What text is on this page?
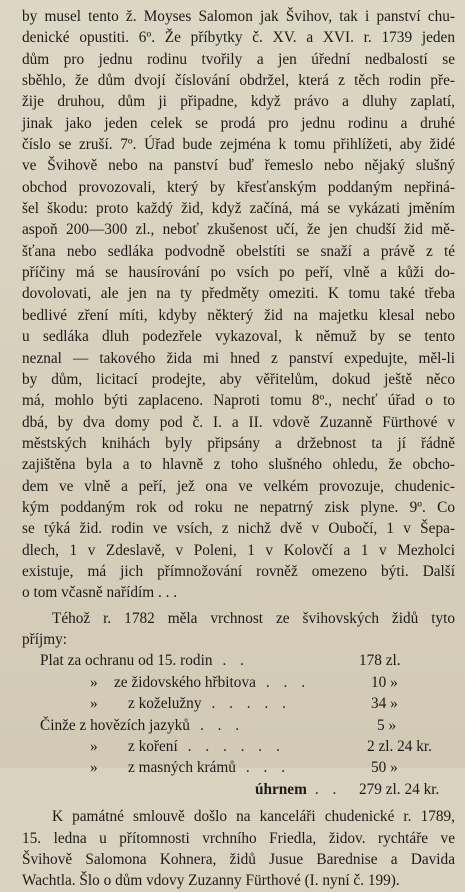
by musel tento ž. Moyses Salomon jak Švihov, tak i panství chu-

denické opustiti. 6º. Že příbytky č. XV. a XVI. r. 1739 jeden

dům pro jednu rodinu tvořily a jen úřední nedbalostí se

sběhlo, že dům dvojí číslování obdržel, která z těch rodin pře-

žije druhou, dům ji připadne, když právo a dluhy zaplatí,

jinak jako jeden celek se prodá pro jednu rodinu a druhé

číslo se zruší. 7º. Úřad bude zejména k tomu přihlížeti, aby židé

ve Švihově nebo na panství buď řemeslo nebo nějaký slušný

obchod provozovali, který by křesťanským poddaným nepřiná-

šel škodu: proto každý žid, když začíná, má se vykázati jměním

aspoň 200—300 zl., neboť zkušenost učí, že jen chudší žid mě-

šťana nebo sedláka podvodně obelstíti se snaží a právě z té

příčiny má se hausírování po vsích po peří, vlně a kůži do-

dovolovati, ale jen na ty předměty omeziti. K tomu také třeba

bedlivé zření míti, kdyby některý žid na majetku klesal nebo

u sedláka dluh podezřele vykazoval, k němuž by se tento

neznal — takového žida mi hned z panství expedujte, měl-li

by dům, licitací prodejte, aby věřitelům, dokud ještě něco

má, mohlo býti zaplaceno. Naproti tomu 8º., nechť úřad o to

dbá, by dva domy pod č. I. a II. vdově Zuzanně Fürthové v

městských knihách byly připsány a držebnost ta jí řádně

zajištěna byla a to hlavně z toho slušného ohledu, že obcho-

dem ve vlně a peří, jež ona ve velkém provozuje, chudenic-

kým poddaným rok od roku ne nepatrný zisk plyne. 9º. Co

se týká žid. rodin ve vsích, z nichž dvě v Oubočí, 1 v Šepa-

dlech, 1 v Zdeslavě, v Poleni, 1 v Kolovčí a 1 v Mezholci

existuje, má jich přímnožování rovněž omezeno býti. Další

o tom včasně nařídím . . .

Téhož r. 1782 měla vrchnost ze švihovských židů tyto

příjmy:

Plat za ochranu od 15. rodin . .	178 zl.
»	ze židovského hřbitova . . .	10 »
»	z koželužny . . . . .	34 »
Činže z hovězích jazyků . . .	5 »
»	z koření . . . . . .	2 zl. 24 kr.
»	z masných krámů . . .	50 »
úhrnem . .	279 zl. 24 kr.

K památné smlouvě došlo na kanceláři chudenické r. 1789,

15. ledna u přítomnosti vrchního Friedla, židov. rychtáře ve

Švihově Salomona Kohnera, židů Jusue Barednise a Davida

Wachtla. Šlo o dům vdovy Zuzanny Fürthové (I. nyní č. 199).
